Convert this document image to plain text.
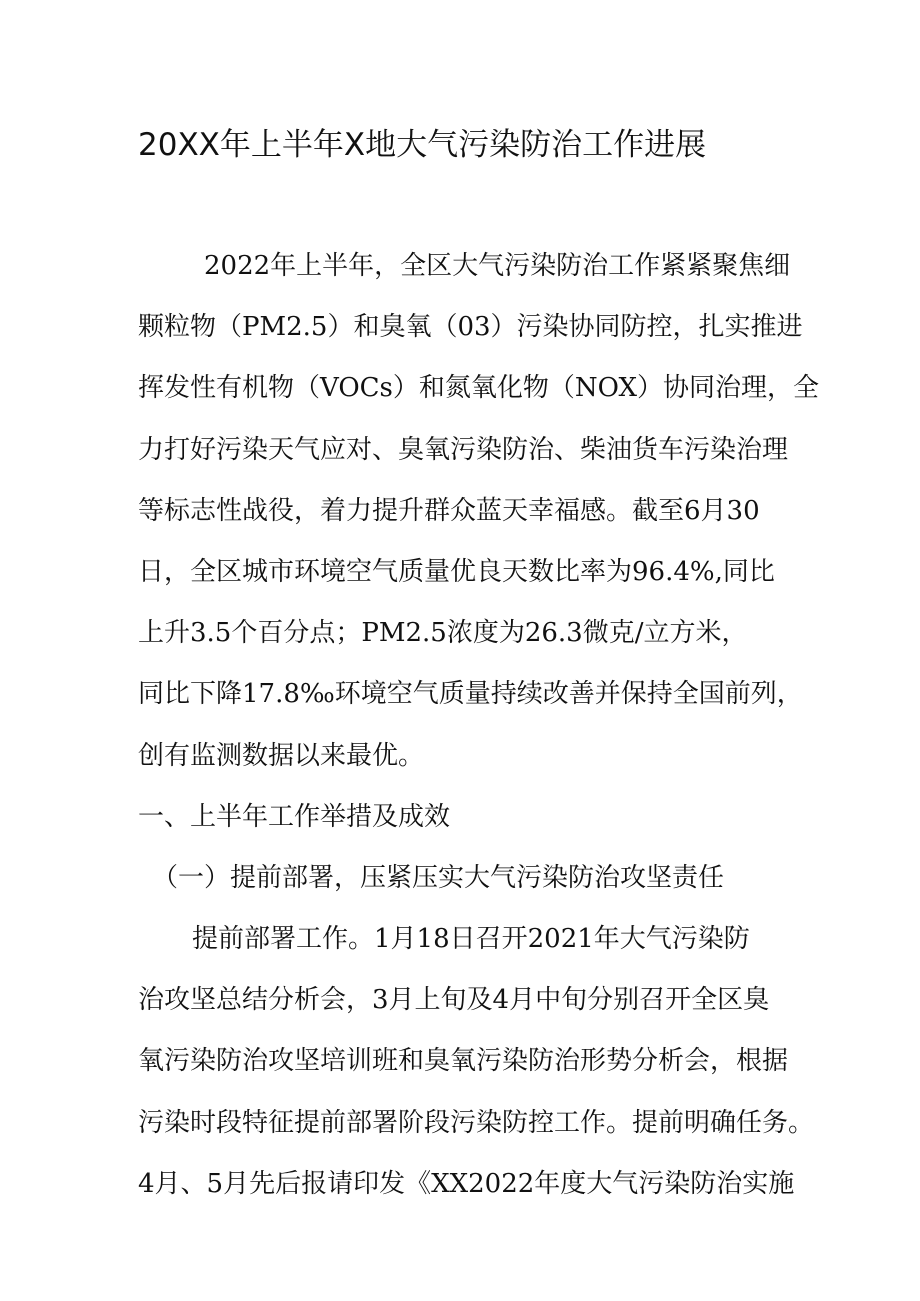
20XX年上半年X地大气污染防治工作进展
2022年上半年，全区大气污染防治工作紧紧聚焦细
颗粒物（PM2.5）和臭氧（03）污染协同防控，扎实推进
挥发性有机物（VOCs）和氮氧化物（NOX）协同治理，全
力打好污染天气应对、臭氧污染防治、柴油货车污染治理
等标志性战役，着力提升群众蓝天幸福感。截至6月30
日，全区城市环境空气质量优良天数比率为96.4%,同比
上升3.5个百分点；PM2.5浓度为26.3微克/立方米，
同比下降17.8‰环境空气质量持续改善并保持全国前列，
创有监测数据以来最优。
一、上半年工作举措及成效
（一）提前部署，压紧压实大气污染防治攻坚责任
提前部署工作。1月18日召开2021年大气污染防
治攻坚总结分析会，3月上旬及4月中旬分别召开全区臭
氧污染防治攻坚培训班和臭氧污染防治形势分析会，根据
污染时段特征提前部署阶段污染防控工作。提前明确任务。
4月、5月先后报请印发《XX2022年度大气污染防治实施
